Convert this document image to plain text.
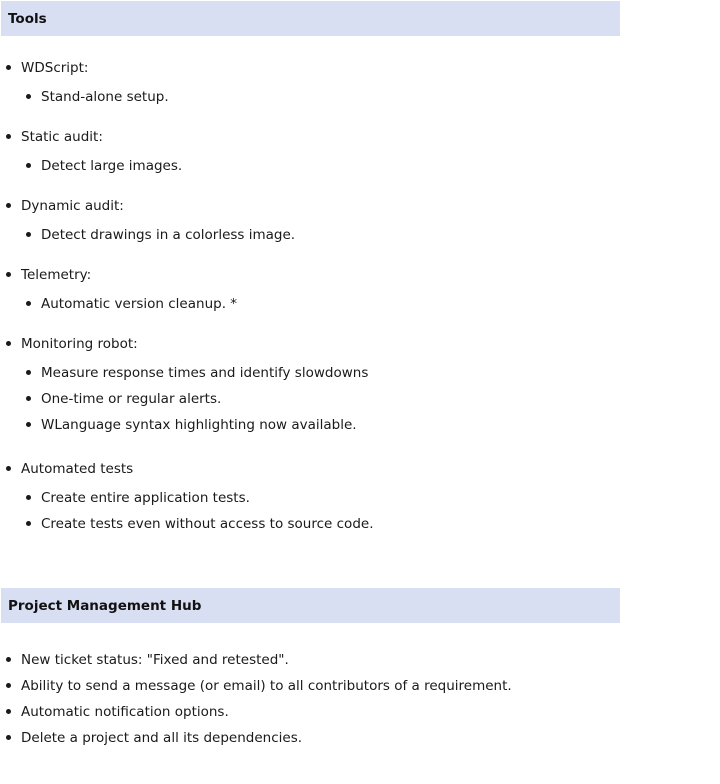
Tools
WDScript:
Stand-alone setup.
Static audit:
Detect large images.
Dynamic audit:
Detect drawings in a colorless image.
Telemetry:
Automatic version cleanup. *
Monitoring robot:
Measure response times and identify slowdowns
One-time or regular alerts.
WLanguage syntax highlighting now available.
Automated tests
Create entire application tests.
Create tests even without access to source code.
Project Management Hub
New ticket status: "Fixed and retested".
Ability to send a message (or email) to all contributors of a requirement.
Automatic notification options.
Delete a project and all its dependencies.
